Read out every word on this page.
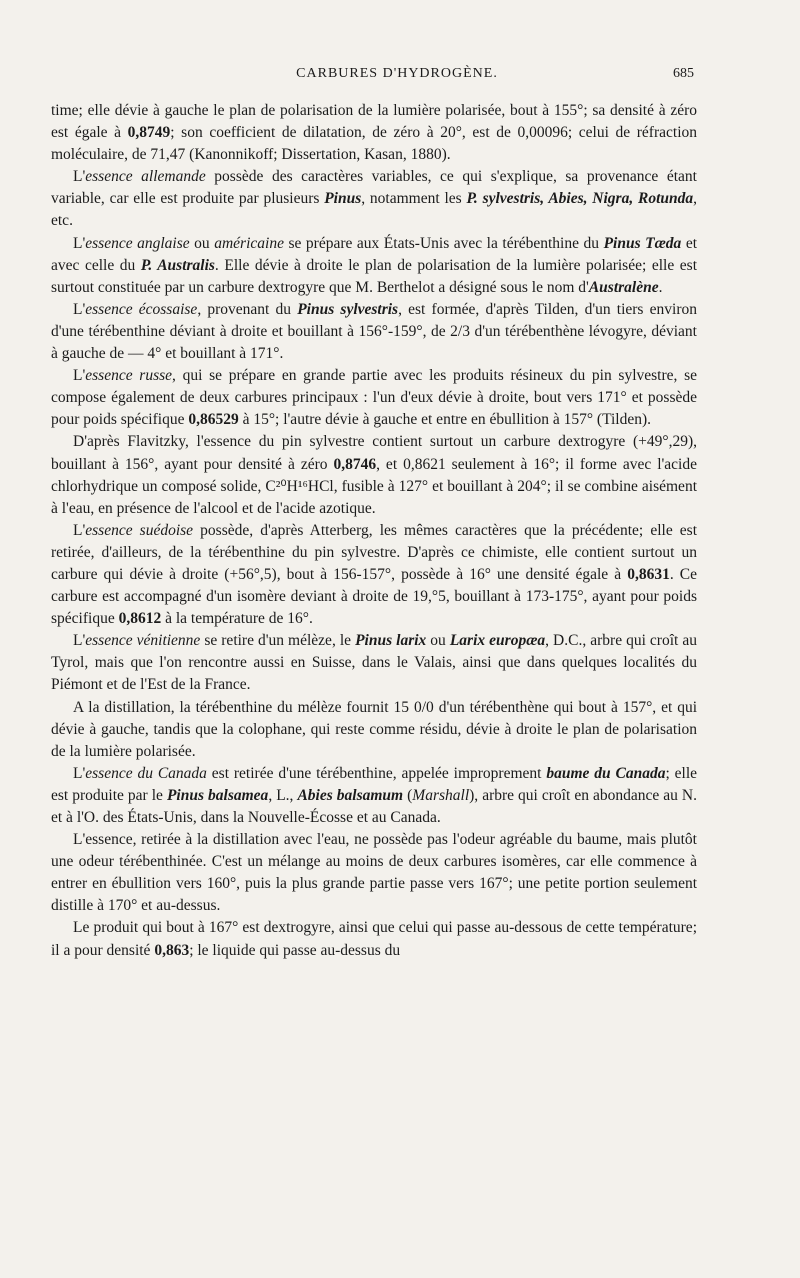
CARBURES D'HYDROGÈNE.	685

time; elle dévie à gauche le plan de polarisation de la lumière polarisée, bout à 155°; sa densité à zéro est égale à 0,8749; son coefficient de dilatation, de zéro à 20°, est de 0,00096; celui de réfraction moléculaire, de 71,47 (Kanonnikoff; Dissertation, Kasan, 1880).

L'essence allemande possède des caractères variables, ce qui s'explique, sa provenance étant variable, car elle est produite par plusieurs Pinus, notamment les P. sylvestris, Abies, Nigra, Rotunda, etc.

L'essence anglaise ou américaine se prépare aux États-Unis avec la térébenthine du Pinus Tæda et avec celle du P. Australis. Elle dévie à droite le plan de polarisation de la lumière polarisée; elle est surtout constituée par un carbure dextrogyre que M. Berthelot a désigné sous le nom d'Australène.

L'essence écossaise, provenant du Pinus sylvestris, est formée, d'après Tilden, d'un tiers environ d'une térébenthine déviant à droite et bouillant à 156°-159°, de 2/3 d'un térébenthène lévogyre, déviant à gauche de — 4° et bouillant à 171°.

L'essence russe, qui se prépare en grande partie avec les produits résineux du pin sylvestre, se compose également de deux carbures principaux : l'un d'eux dévie à droite, bout vers 171° et possède pour poids spécifique 0,86529 à 15°; l'autre dévie à gauche et entre en ébullition à 157° (Tilden).

D'après Flavitzky, l'essence du pin sylvestre contient surtout un carbure dextrogyre (+49°,29), bouillant à 156°, ayant pour densité à zéro 0,8746, et 0,8621 seulement à 16°; il forme avec l'acide chlorhydrique un composé solide, C²⁰H¹⁶HCl, fusible à 127° et bouillant à 204°; il se combine aisément à l'eau, en présence de l'alcool et de l'acide azotique.

L'essence suédoise possède, d'après Atterberg, les mêmes caractères que la précédente; elle est retirée, d'ailleurs, de la térébenthine du pin sylvestre. D'après ce chimiste, elle contient surtout un carbure qui dévie à droite (+56°,5), bout à 156-157°, possède à 16° une densité égale à 0,8631. Ce carbure est accompagné d'un isomère deviant à droite de 19,°5, bouillant à 173-175°, ayant pour poids spécifique 0,8612 à la température de 16°.

L'essence vénitienne se retire d'un mélèze, le Pinus larix ou Larix europæa, D.C., arbre qui croît au Tyrol, mais que l'on rencontre aussi en Suisse, dans le Valais, ainsi que dans quelques localités du Piémont et de l'Est de la France.

A la distillation, la térébenthine du mélèze fournit 15 0/0 d'un térébenthène qui bout à 157°, et qui dévie à gauche, tandis que la colophane, qui reste comme résidu, dévie à droite le plan de polarisation de la lumière polarisée.

L'essence du Canada est retirée d'une térébenthine, appelée improprement baume du Canada; elle est produite par le Pinus balsamea, L., Abies balsamum (Marshall), arbre qui croît en abondance au N. et à l'O. des États-Unis, dans la Nouvelle-Écosse et au Canada.

L'essence, retirée à la distillation avec l'eau, ne possède pas l'odeur agréable du baume, mais plutôt une odeur térébenthinée. C'est un mélange au moins de deux carbures isomères, car elle commence à entrer en ébullition vers 160°, puis la plus grande partie passe vers 167°; une petite portion seulement distille à 170° et au-dessus.

Le produit qui bout à 167° est dextrogyre, ainsi que celui qui passe au-dessous de cette température; il a pour densité 0,863; le liquide qui passe au-dessus du
